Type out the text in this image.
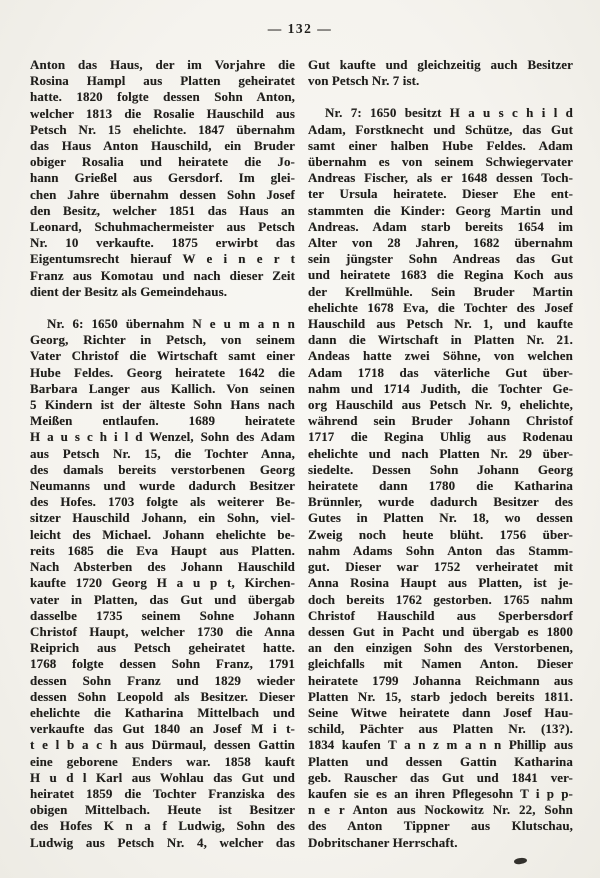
— 132 —
Anton das Haus, der im Vorjahre die
Rosina Hampl aus Platten geheiratet
hatte. 1820 folgte dessen Sohn Anton,
welcher 1813 die Rosalie Hauschild aus
Petsch Nr. 15 ehelichte. 1847 übernahm
das Haus Anton Hauschild, ein Bruder
obiger Rosalia und heiratete die Jo-
hann Grießel aus Gersdorf. Im glei-
chen Jahre übernahm dessen Sohn Josef
den Besitz, welcher 1851 das Haus an
Leonard, Schuhmachermeister aus Petsch
Nr. 10 verkaufte. 1875 erwirbt das
Eigentumsrecht hierauf W e i n e r t
Franz aus Komotau und nach dieser Zeit
dient der Besitz als Gemeindehaus.
Nr. 6: 1650 übernahm N e u m a n n
Georg, Richter in Petsch, von seinem
Vater Christof die Wirtschaft samt einer
Hube Feldes. Georg heiratete 1642 die
Barbara Langer aus Kallich. Von seinen
5 Kindern ist der älteste Sohn Hans nach
Meißen entlaufen. 1689 heiratete
H a u s c h i l d Wenzel, Sohn des Adam
aus Petsch Nr. 15, die Tochter Anna,
des damals bereits verstorbenen Georg
Neumanns und wurde dadurch Besitzer
des Hofes. 1703 folgte als weiterer Be-
sitzer Hauschild Johann, ein Sohn, viel-
leicht des Michael. Johann ehelichte be-
reits 1685 die Eva Haupt aus Platten.
Nach Absterben des Johann Hauschild
kaufte 1720 Georg H a u p t, Kirchen-
vater in Platten, das Gut und übergab
dasselbe 1735 seinem Sohne Johann
Christof Haupt, welcher 1730 die Anna
Reiprich aus Petsch geheiratet hatte.
1768 folgte dessen Sohn Franz, 1791
dessen Sohn Franz und 1829 wieder
dessen Sohn Leopold als Besitzer. Dieser
ehelichte die Katharina Mittelbach und
verkaufte das Gut 1840 an Josef M i t-
t e l b a c h aus Dürmaul, dessen Gattin
eine geborene Enders war. 1858 kauft
H u d l Karl aus Wohlau das Gut und
heiratet 1859 die Tochter Franziska des
obigen Mittelbach. Heute ist Besitzer
des Hofes K n a f Ludwig, Sohn des
Ludwig aus Petsch Nr. 4, welcher das
Gut kaufte und gleichzeitig auch Besitzer
von Petsch Nr. 7 ist.
Nr. 7: 1650 besitzt H a u s c h i l d
Adam, Forstknecht und Schütze, das Gut
samt einer halben Hube Feldes. Adam
übernahm es von seinem Schwiegervater
Andreas Fischer, als er 1648 dessen Toch-
ter Ursula heiratete. Dieser Ehe ent-
stammten die Kinder: Georg Martin und
Andreas. Adam starb bereits 1654 im
Alter von 28 Jahren, 1682 übernahm
sein jüngster Sohn Andreas das Gut
und heiratete 1683 die Regina Koch aus
der Krellmühle. Sein Bruder Martin
ehelichte 1678 Eva, die Tochter des Josef
Hauschild aus Petsch Nr. 1, und kaufte
dann die Wirtschaft in Platten Nr. 21.
Andeas hatte zwei Söhne, von welchen
Adam 1718 das väterliche Gut über-
nahm und 1714 Judith, die Tochter Ge-
org Hauschild aus Petsch Nr. 9, ehelichte,
während sein Bruder Johann Christof
1717 die Regina Uhlig aus Rodenau
ehelichte und nach Platten Nr. 29 über-
siedelte. Dessen Sohn Johann Georg
heiratete dann 1780 die Katharina
Brünnler, wurde dadurch Besitzer des
Gutes in Platten Nr. 18, wo dessen
Zweig noch heute blüht. 1756 über-
nahm Adams Sohn Anton das Stamm-
gut. Dieser war 1752 verheiratet mit
Anna Rosina Haupt aus Platten, ist je-
doch bereits 1762 gestorben. 1765 nahm
Christof Hauschild aus Sperbersdorf
dessen Gut in Pacht und übergab es 1800
an den einzigen Sohn des Verstorbenen,
gleichfalls mit Namen Anton. Dieser
heiratete 1799 Johanna Reichmann aus
Platten Nr. 15, starb jedoch bereits 1811.
Seine Witwe heiratete dann Josef Hau-
schild, Pächter aus Platten Nr. (13?).
1834 kaufen T a n z m a n n Phillip aus
Platten und dessen Gattin Katharina
geb. Rauscher das Gut und 1841 ver-
kaufen sie es an ihren Pflegesohn T i p p-
n e r Anton aus Nockowitz Nr. 22, Sohn
des Anton Tippner aus Klutschau,
Dobritschaner Herrschaft.
